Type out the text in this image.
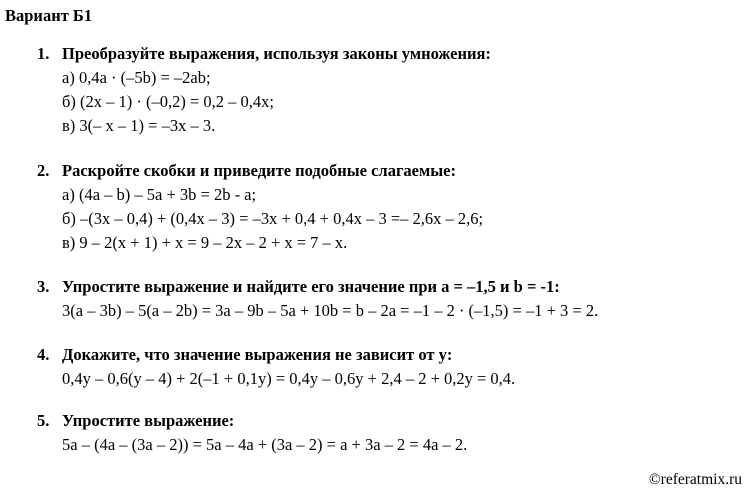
Вариант Б1
1. Преобразуйте выражения, используя законы умножения:
а) 0,4a · (–5b) = –2ab;
б) (2x – 1) · (–0,2) = 0,2 – 0,4x;
в) 3(– x – 1) = –3x – 3.
2. Раскройте скобки и приведите подобные слагаемые:
а) (4a – b) – 5a + 3b = 2b - a;
б) –(3x – 0,4) + (0,4x – 3) = –3x + 0,4 + 0,4x – 3 =– 2,6x – 2,6;
в) 9 – 2(x + 1) + x = 9 – 2x – 2 + x = 7 – x.
3. Упростите выражение и найдите его значение при a = –1,5 и b = -1:
3(a – 3b) – 5(a – 2b) = 3a – 9b – 5a + 10b = b – 2a = –1 – 2 · (–1,5) = –1 + 3 = 2.
4. Докажите, что значение выражения не зависит от y:
0,4y – 0,6(y – 4) + 2(–1 + 0,1y) = 0,4y – 0,6y + 2,4 – 2 + 0,2y = 0,4.
5. Упростите выражение:
5a – (4a – (3a – 2)) = 5a – 4a + (3a – 2) = a + 3a – 2 = 4a – 2.
©referatmix.ru
